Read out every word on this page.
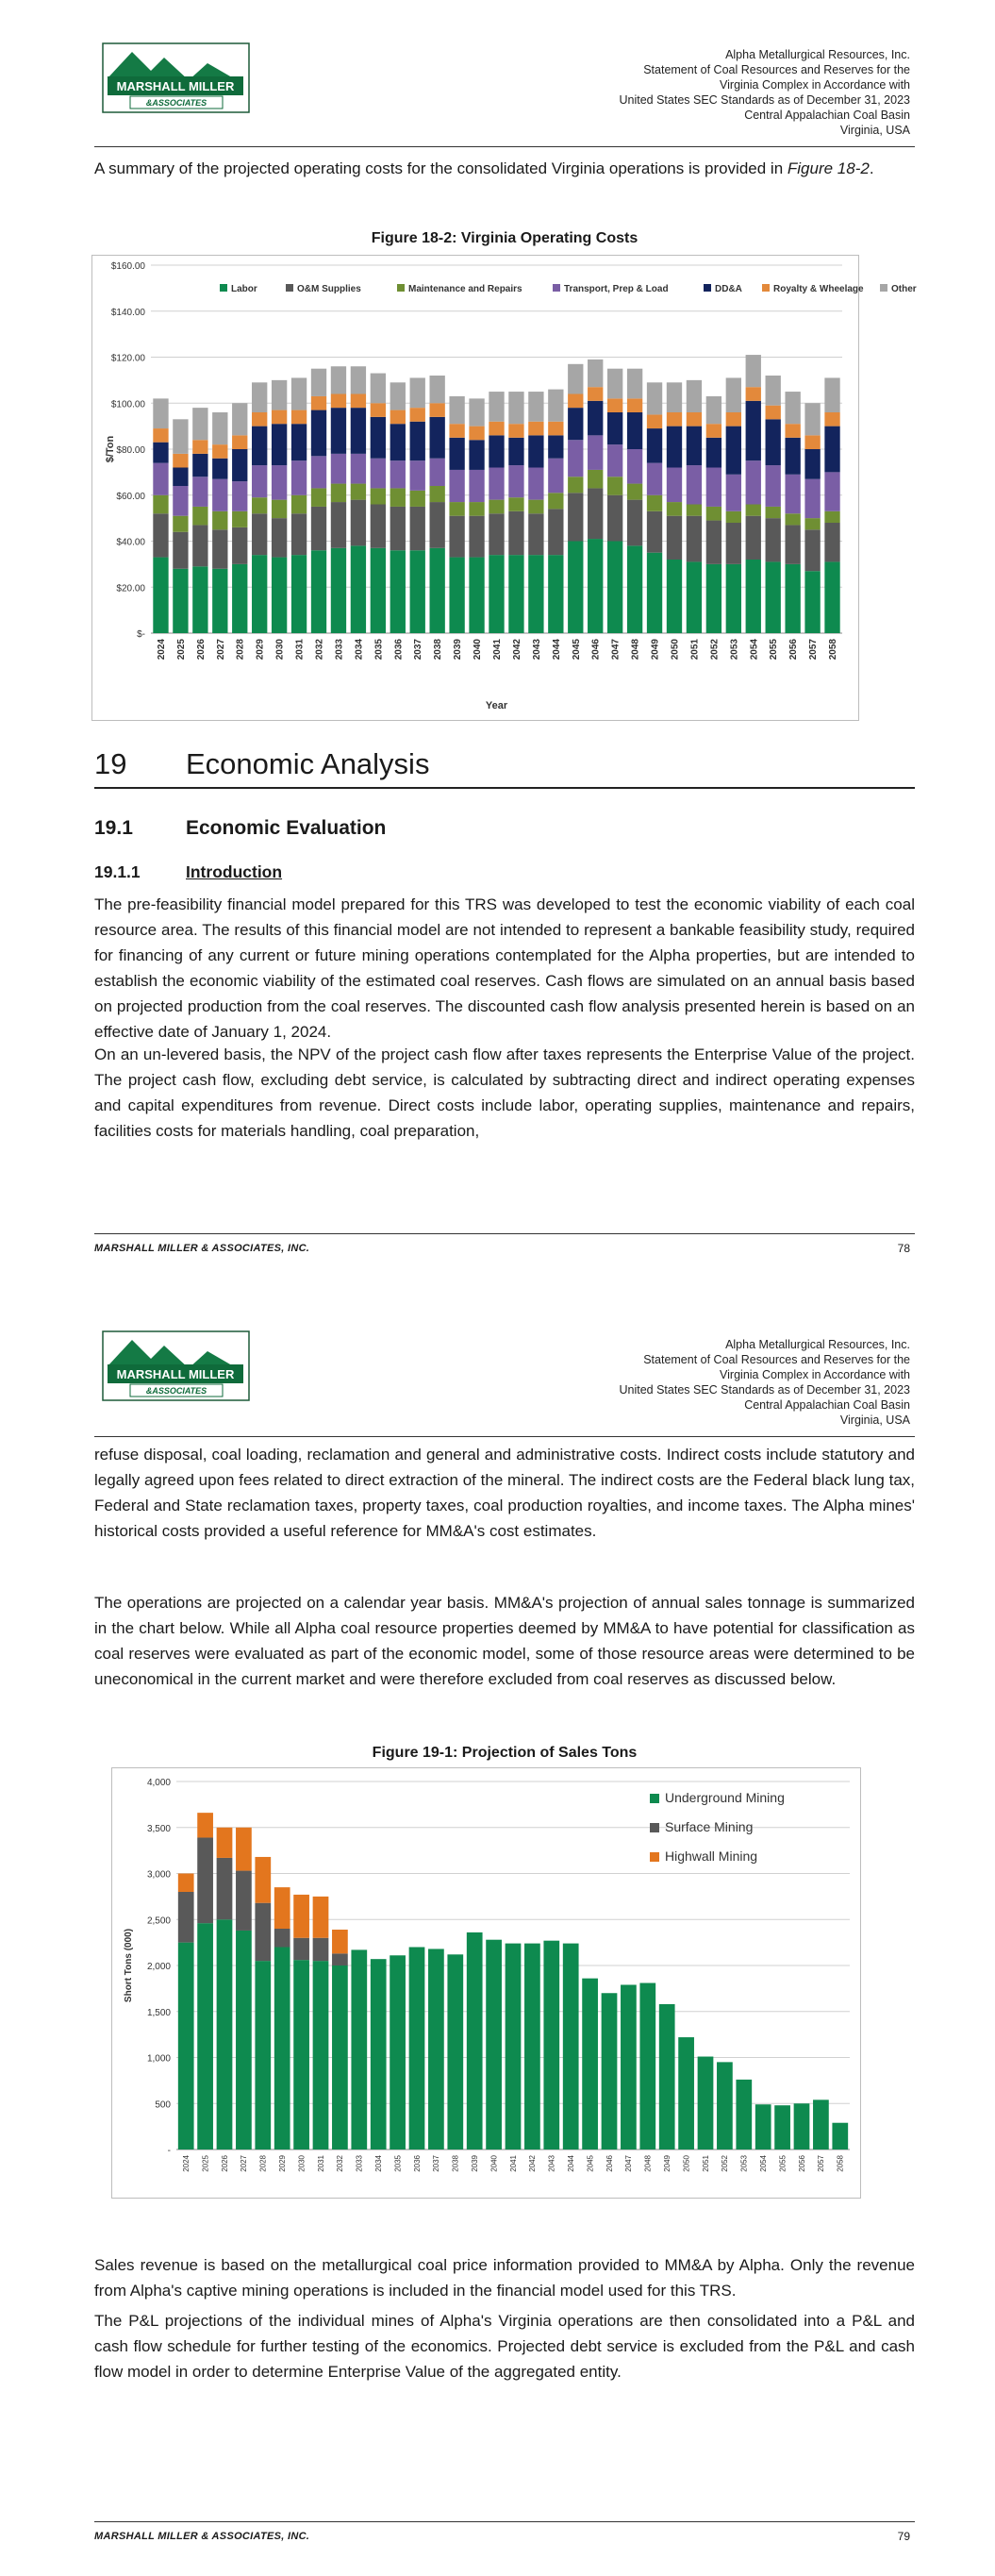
MARSHALL MILLER
&ASSOCIATES
Alpha Metallurgical Resources, Inc.
Statement of Coal Resources and Reserves for the
Virginia Complex in Accordance with
United States SEC Standards as of December 31, 2023
Central Appalachian Coal Basin
Virginia, USA
A summary of the projected operating costs for the consolidated Virginia operations is provided in Figure 18-2.
Figure 18-2: Virginia Operating Costs
$-
$20.00
$40.00
$60.00
$80.00
$100.00
$120.00
$140.00
$160.00
2024 2025 2026 2027 2028 2029 2030 2031 2032 2033 2034 2035 2036 2037 2038 2039 2040 2041 2042 2043 2044 2045 2046 2047 2048 2049 2050 2051 2052 2053 2054 2055 2056 2057 2058
$/Ton
Year
Labor	O&M Supplies	Maintenance and Repairs	Transport, Prep & Load	DD&A	Royalty & Wheelage	Other
19 Economic Analysis
19.1	Economic Evaluation
19.1.1	Introduction
The pre-feasibility financial model prepared for this TRS was developed to test the economic viability of each coal resource area. The results of this financial model are not intended to represent a bankable feasibility study, required for financing of any current or future mining operations contemplated for the Alpha properties, but are intended to establish the economic viability of the estimated coal reserves. Cash flows are simulated on an annual basis based on projected production from the coal reserves. The discounted cash flow analysis presented herein is based on an effective date of January 1, 2024.
On an un-levered basis, the NPV of the project cash flow after taxes represents the Enterprise Value of the project. The project cash flow, excluding debt service, is calculated by subtracting direct and indirect operating expenses and capital expenditures from revenue. Direct costs include labor, operating supplies, maintenance and repairs, facilities costs for materials handling, coal preparation,
MARSHALL MILLER & ASSOCIATES, INC.	78
MARSHALL MILLER
&ASSOCIATES
Alpha Metallurgical Resources, Inc.
Statement of Coal Resources and Reserves for the
Virginia Complex in Accordance with
United States SEC Standards as of December 31, 2023
Central Appalachian Coal Basin
Virginia, USA
refuse disposal, coal loading, reclamation and general and administrative costs. Indirect costs include statutory and legally agreed upon fees related to direct extraction of the mineral. The indirect costs are the Federal black lung tax, Federal and State reclamation taxes, property taxes, coal production royalties, and income taxes. The Alpha mines' historical costs provided a useful reference for MM&A's cost estimates.
The operations are projected on a calendar year basis. MM&A's projection of annual sales tonnage is summarized in the chart below. While all Alpha coal resource properties deemed by MM&A to have potential for classification as coal reserves were evaluated as part of the economic model, some of those resource areas were determined to be uneconomical in the current market and were therefore excluded from coal reserves as discussed below.
Figure 19-1: Projection of Sales Tons
-
500
1,000
1,500
2,000
2,500
3,000
3,500
4,000
2024 2025 2026 2027 2028 2029 2030 2031 2032 2033 2034 2035 2036 2037 2038 2039 2040 2041 2042 2043 2044 2045 2046 2047 2048 2049 2050 2051 2052 2053 2054 2055 2056 2057 2058
Short Tons (000)
Underground Mining
Surface Mining
Highwall Mining
Sales revenue is based on the metallurgical coal price information provided to MM&A by Alpha. Only the revenue from Alpha's captive mining operations is included in the financial model used for this TRS.
The P&L projections of the individual mines of Alpha's Virginia operations are then consolidated into a P&L and cash flow schedule for further testing of the economics. Projected debt service is excluded from the P&L and cash flow model in order to determine Enterprise Value of the aggregated entity.
MARSHALL MILLER & ASSOCIATES, INC.	79
